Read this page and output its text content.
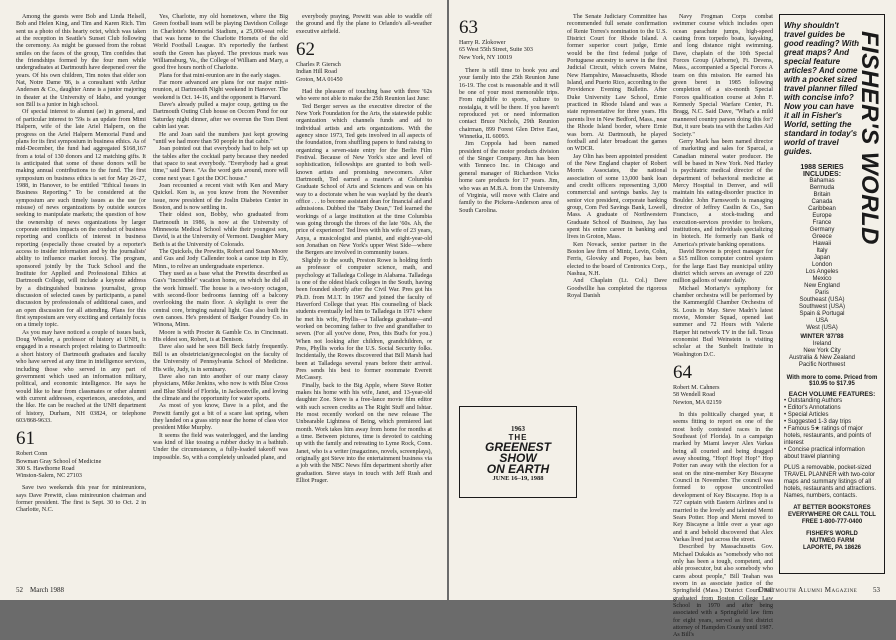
Among the guests were Bob and Linda Helsell, Bob and Helen King, and Tim and Karen Rich. Tim sent us a photo of this hearty octet, which was taken at the reception in Seattle's Sunset Club following the ceremony. As might be guessed from the robust smiles on the faces of the group, Tim confides that the friendships formed by the four men while undergraduates at Dartmouth have deepened over the years. Of his own children, Tim notes that elder son Nat, Notre Dame '86, is a consultant with Arthur Andersen & Co., daughter Anne is a junior majoring in theater at the University of Idaho, and younger son Bill is a junior in high school.

Of special interest to alumni (ae) in general, and of particular interest to '59s is an update from Mimi Halpern, wife of the late Ariel Halpern, on the progress on the Ariel Halpern Memorial Fund and plans for its first symposium in business ethics. As of mid-December, the fund had aggregated $168,167 from a total of 130 donors and 12 matching gifts. It is anticipated that some of these donors will be making annual contributions to the fund. The first symposium on business ethics is set for May 26-27, 1988, in Hanover, to be entitled "Ethical Issues in Business Reporting." To be considered at the symposium are such timely issues as the use (or misuse) of news organizations by outside sources seeking to manipulate markets; the question of how the ownership of news organizations by larger corporate entities impacts on the conduct of business reporting and conflicts of interest in business reporting (especially those created by a reporter's access to insider information and by the journalists' ability to influence market forces). The program, sponsored jointly by the Tuck School and the Institute for Applied and Professional Ethics at Dartmouth College, will include a keynote address by a distinguished business journalist, group discussion of selected cases by participants, a panel discussion by professionals of additional cases, and an open discussion for all attending. Plans for this first symposium are very exciting and certainly focus on a timely topic.

As you may have noticed a couple of issues back, Doug Wheeler, a professor of history at UNH, is engaged in a research project relating to Dartmouth: a short history of Dartmouth graduates and faculty who have served at any time in intelligence services, including those who served in any part of government which used an information military, political, and economic intelligence. He says he would like to hear from classmates or other alumni with current addresses, experiences, anecdotes, and the like. He can be reached at the UNH department of history, Durham, NH 03824, or telephone 603/868-9633.

61
Robert Conn
Bowman Gray School of Medicine
300 S. Hawthorne Road
Winston-Salem, NC 27103

Save two weekends this year for minireunions, says Dave Prewitt, class minireunion chairman and former president. The first is Sept. 30 to Oct. 2 in Charlotte, N.C.

Yes, Charlotte, my old hometown, where the Big Green football team will be playing Davidson College in Charlotte's Memorial Stadium, a 25,000-seat relic that was home to the Charlotte Hornets of the old World Football League. It's reportedly the farthest south the Green has played. The previous mark was Williamsburg, Va., the College of William and Mary, a good five hours north of Charlotte.

Plans for that mini-reunion are in the early stages.

Far more advanced are plans for our major mini-reunion, at Dartmouth Night weekend in Hanover. The weekend is Oct. 14-16, and the opponent is Harvard.

Dave's already pulled a major coup, getting us the Dartmouth Outing Club house on Occom Pond for our Saturday night dinner, after we overrun the Tom Dent cabin last year.

He and Joan said the numbers just kept growing "until we had more than 50 people in that cabin."

Joan pointed out that everybody had to help set up the tables after the cocktail party because they needed that space to seat everybody. "Everybody had a great time," said Dave. "As the word gets around, more will come next year. I got the DOC house."

Joan recounted a recent visit with Ken and Mary Quickel. Ken is, as you know from the November issue, now president of the Joslin Diabetes Center in Boston, and is now settling in.

Their oldest son, Bobby, who graduated from Dartmouth in 1986, is now at the University of Minnesota Medical School while their youngest son, David, is at the University of Vermont. Daughter Mary Beth is at the University of Colorado.

The Quickels, the Prewitts, Robert and Susan Moore and Gus and Jody Callender took a canoe trip in Ely, Minn., to relive an undergraduate experience.

They used as a base what the Prewitts described as Gus's "incredible" vacation home, on which he did all the work himself. The house is a two-story octagon, with second-floor bedrooms fanning off a balcony overlooking the main floor. A skylight is over the central core, bringing natural light. Gus also built his own canoes. He's president of Badger Foundry Co. in Winona, Minn.

Moore is with Procter & Gamble Co. in Cincinnati. His eldest son, Robert, is at Denison.

Dave also said he sees Bill Beck fairly frequently. Bill is an obstetrician/gynecologist on the faculty of the University of Pennsylvania School of Medicine. His wife, Judy, is in seminary.

Dave also ran into another of our many classy physicians, Mike Jenkins, who now is with Blue Cross and Blue Shield of Florida, in Jacksonville, and loving the climate and the opportunity for water sports.

As most of you know, Dave is a pilot, and the Prewitt family got a bit of a scare last spring, when they landed on a grass strip near the home of class vice president Mike Murphy.

It seems the field was waterlogged, and the landing was kind of like tossing a rubber ducky in a bathtub. Under the circumstances, a fully-loaded takeoff was impossible. So, with a completely unloaded plane, and

everybody praying, Prewitt was able to waddle off the ground and fly the plane to Orlando's all-weather executive airfield.

62
Charles P. Giersch
Indian Hill Road
Groton, MA 01450

Had the pleasure of touching base with three '62s who were not able to make the 25th Reunion last June:

Ted Berger serves as the executive director of the New York Foundation for the Arts, the statewide public organization which channels funds and aid to individual artists and arts organizations. With the agency since 1973, Ted gets involved in all aspects of the foundation, from shuffling papers to fund raising to organizing a seven-state entry for the Berlin Film Festival. Because of New York's size and level of sophistication, fellowships are granted to both well-known artists and promising newcomers. After Dartmouth, Ted earned a master's at Columbia Graduate School of Arts and Sciences and was on his way to a doctorate when he was waylaid by the dean's office . . . to become assistant dean for financial aid and admissions. Dubbed the "Baby Dean," Ted learned the workings of a large institution at the time Columbia was going through the throes of the late '60s. Ah, the price of experience! Ted lives with his wife of 23 years, Anya, a musicologist and pianist, and eight-year-old son Jonathan on New York's upper West Side—where the Bergers are involved in community issues.

Slightly to the south, Preston Rowe is holding forth as professor of computer science, math, and psychology at Talladega College in Alabama. Talladega is one of the oldest black colleges in the South, having been founded shortly after the Civil War. Pres got his Ph.D. from M.I.T. In 1967 and joined the faculty of Haverford College that year. His counseling of black students eventually led him to Talladega in 1971 where he met his wife, Phyllis—a Talladega graduate—and worked on becoming father to five and grandfather to seven. (For all you've done, Pres, this Bud's for you.) When not looking after children, grandchildren, or Pres, Phyllis works for the U.S. Social Security folks. Incidentally, the Rowes discovered that Bill Marsh had been at Talladega several years before their arrival. Pres sends his best to former roommate Everett McCassey.

Finally, back to the Big Apple, where Steve Rotter makes his home with his wife, Janet, and 13-year-old daughter Zoe. Steve is a free-lance movie film editor with such screen credits as The Right Stuff and Ishtar. He most recently worked on the new release The Unbearable Lightness of Being, which premiered last month. Work takes him away from home for months at a time. Between pictures, time is devoted to catching up with the family and retreating to Lyme Rock, Conn. Janet, who is a writer (magazines, novels, screenplays), originally got Steve into the entertainment business via a job with the NBC News film department shortly after graduation. Steve stays in touch with Jeff Rush and Elliot Prager.

52 March 1988
63
Harry R. Zlokower
65 West 55th Street, Suite 303
New York, NY 10019
1963
THE
GREENEST
SHOW
ON EARTH
JUNE 16–19, 1988

There is still time to book you and your family into the 25th Reunion June 16-19. The cost is reasonable and it will be one of your most memorable trips. From nightlife to sports, culture to nostalgia, it will be there. If you haven't reproduced yet or need information contact Bruce Nichols, 29th Reunion chairman, 899 Forest Glen Drive East, Winnetka, IL 60093.

Jim Coppola had been named president of the motor products division of the Singer Company. Jim has been with Tenneco Inc. in Chicago and general manager of Richardson Vicks home care products for 17 years. Jim, who was an M.B.A. from the University of Virginia, will move with Claire and family to the Pickens-Anderson area of South Carolina.

The Senate Judiciary Committee has recommended full senate confirmation of Renie Torres's nomination to the U.S. District Court for Rhode Island. A former superior court judge, Ernie would be the first federal judge of Portuguese ancestry to serve in the first Judicial Circuit, which covers Maine, New Hampshire, Massachusetts, Rhode Island, and Puerto Rico, according to the Providence Evening Bulletin. After Duke University Law School, Ernie practiced in Rhode Island and was a state representative for three years. His parents live in New Bedford, Mass., near the Rhode Island border, where Ernie was born. At Dartmouth, he played football and later broadcast the games on WDCR.

Jay Olin has been appointed president of the New England chapter of Robert Morris Associates, the national association of some 13,000 bank loan and credit officers representing 3,000 commercial and savings banks. Jay is senior vice president, corporate banking group, Com Fed Savings Bank, Lowell, Mass. A graduate of Northwestern Graduate School of Business, Jay has spent his entire career in banking and lives in Groton, Mass.

Ken Novack, senior partner in the Boston law firm of Mintz, Levin, Cohn, Ferris, Glovsky and Popeo, has been elected to the board of Centronics Corp., Nashua, N.H.

And Chaplain (Lt. Col.) Dave Goodwillie has completed the rigorous Royal Danish

Navy Frogman Corps combat swimmer course which includes open ocean parachute jumps, high-speed casting from torpedo boats, kayaking, and long distance night swimming. Dave, chaplain of the 10th Special Forces Group (Airborne), Ft. Devens, Mass., accompanied a Special Forces A team on this mission. He earned his green beret in 1985 following completion of a six-month Special Forces qualification course at John F. Kennedy Special Warfare Center, Ft. Bragg, N.C. Said Dave, "What's a mild mannered country parson doing this for? But, it sure beats tea with the Ladies Aid Society."

Gerry Mark has been named director of marketing and sales for Sparcal, a Canadian mineral water producer. He will be based in New York. Ned Harley is psychiatric medical director of the department of behavioral medicine at Mercy Hospital in Denver, and will maintain his eating-disorder practice in Boulder. John Farnsworth is managing director of Jeffrey Castlin & Co., San Francisco, a stock-trading and execution-services provider to brokers, institutions, and individuals specializing in biotech. He formerly ran Bank of America's private banking operations.

David Browne is project manager for a $15 million computer control system for the large East Bay municipal utility district which serves an average of 220 million gallons of water daily.

Michael Moriarty's symphony for chamber orchestra will be performed by the Kammergild Chamber Orchestra of St. Louis in May. Steve Madri's latest movie, Monster Squad, opened last summer and 72 Hours with Valerie Harper hit network TV in the fall. Texas economist Bud Weinstein is visiting scholar at the Sunbelt Institute in Washington D.C.

64
Robert M. Cahners
58 Wendell Road
Newton, MA 02159

In this politically charged year, it seems fitting to report on one of the most hotly contested races in the Southeast (of Florida). In a campaign marked by Miami lawyer Alex Varkas being all courted and being dragged away shouting, "Hop! Hop! Hop!" Hop Potter ran away with the election for a seat on the nine-member Key Biscayne Council in November. The council was formed to oppose uncontrolled development of Key Biscayne. Hop is a 727 captain with Eastern Airlines and is married to the lovely and talented Merni Sears Potter. Hop and Merni moved to Key Biscayne a little over a year ago and it and behold discovered that Alex Varkas lived just across the street.

Described by Massachusetts Gov. Michael Dukakis as "somebody who not only has been a tough, competent, and able prosecutor, but also somebody who cares about people," Bill Teahan was sworn in as associate justice of the Springfield (Mass.) District Court. Bill graduated from Boston College Law School in 1970 and after being associated with a Springfield law firm for eight years, served as first district attorney of Hampden County until 1987. As Bill's

Why shouldn't travel guides be good reading? With great maps? And special feature articles? And come with a pocket sized travel planner filled with concise info? Now you can have it all in Fisher's World, setting the standard in today's world of travel guides.	FISHER'S WORLD
1988 SERIES
INCLUDES:
Bahamas
Bermuda
Britain
Canada
Caribbean
Europe
France
Germany
Greece
Hawaii
Italy
Japan
London
Los Angeles
Mexico
New England
Paris
Southeast (USA)
Southwest (USA)
Spain & Portugal
USA
West (USA)
WINTER '87/'88
Ireland
New York City
Australia & New Zealand
Pacific Northwest
With more to come. Priced from $10.95 to $17.95
EACH VOLUME FEATURES:
• Outstanding Authors
• Editor's Annotations
• Special Articles
• Suggested 1-3 day trips
• Famous 5★ ratings of major hotels, restaurants, and points of interest
• Concise practical information about travel planning
PLUS a removable, pocket-sized TRAVEL PLANNER with two-color maps and summary listings of all hotels, restaurants and attractions. Names, numbers, contacts.
AT BETTER BOOKSTORES EVERYWHERE OR CALL TOLL FREE 1-800-777-0400
FISHER'S WORLD
NUTMEG FARM
LAPORTE, PA 18626
Dartmouth Alumni Magazine 53
